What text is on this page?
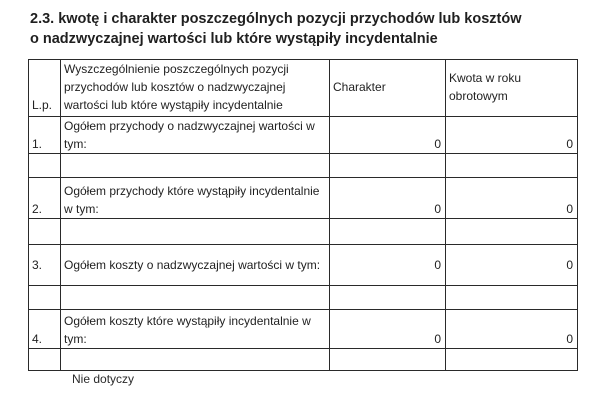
2.3. kwotę i charakter poszczególnych pozycji przychodów lub kosztów
o nadzwyczajnej wartości lub które wystąpiły incydentalnie
L.p.	Wyszczególnienie poszczególnych pozycji przychodów lub kosztów o nadzwyczajnej wartości lub które wystąpiły incydentalnie	Charakter	Kwota w roku obrotowym
1.	Ogółem przychody o nadzwyczajnej wartości w tym:	0	0

2.	Ogółem przychody które wystąpiły incydentalnie w tym:	0	0

3.	Ogółem koszty o nadzwyczajnej wartości w tym:	0	0

4.	Ogółem koszty które wystąpiły incydentalnie w tym:	0	0

Nie dotyczy
